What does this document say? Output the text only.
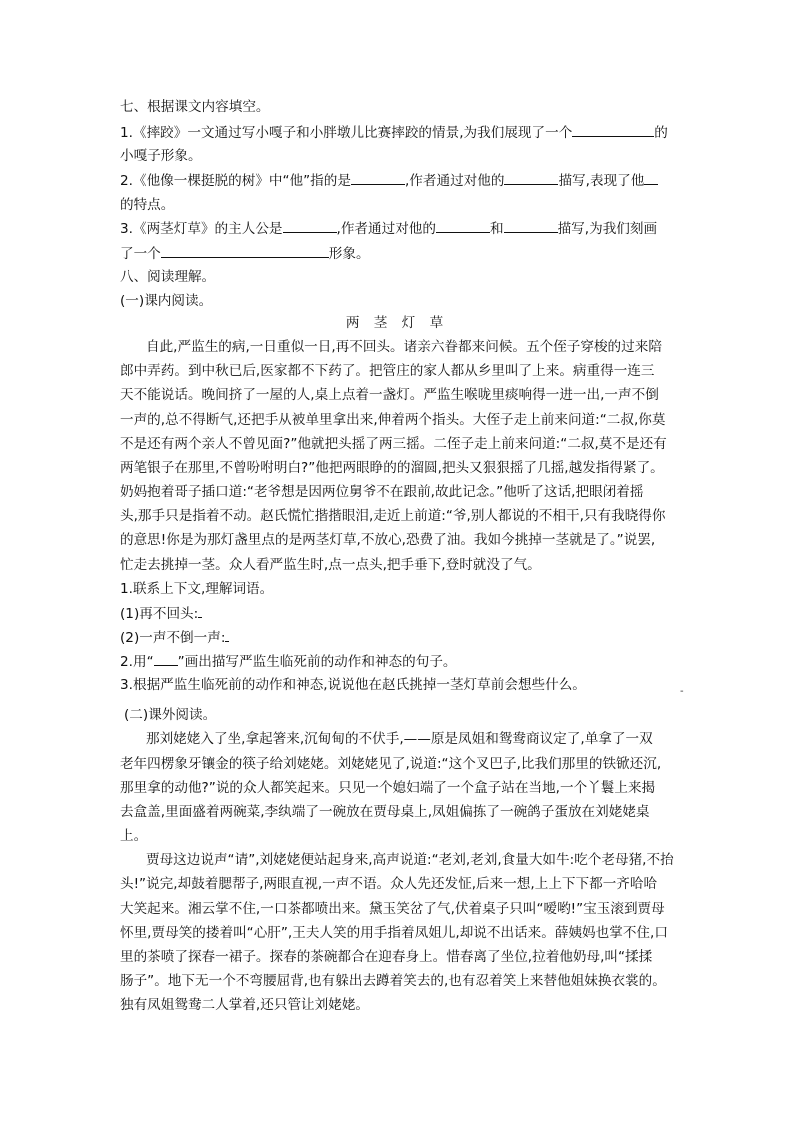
七、根据课文内容填空。
1.《摔跤》一文通过写小嘎子和小胖墩儿比赛摔跤的情景,为我们展现了一个	的
小嘎子形象。
2.《他像一棵挺脱的树》中“他”指的是	,作者通过对他的	描写,表现了他
的特点。
3.《两茎灯草》的主人公是	,作者通过对他的	和	描写,为我们刻画
了一个	形象。
八、阅读理解。
(一)课内阅读。
两 茎 灯 草
自此,严监生的病,一日重似一日,再不回头。诸亲六眷都来问候。五个侄子穿梭的过来陪
郎中弄药。到中秋已后,医家都不下药了。把管庄的家人都从乡里叫了上来。病重得一连三
天不能说话。晚间挤了一屋的人,桌上点着一盏灯。严监生喉咙里痰响得一进一出,一声不倒
一声的,总不得断气,还把手从被单里拿出来,伸着两个指头。大侄子走上前来问道:“二叔,你莫
不是还有两个亲人不曾见面?”他就把头摇了两三摇。二侄子走上前来问道:“二叔,莫不是还有
两笔银子在那里,不曾吩咐明白?”他把两眼睁的的溜圆,把头又狠狠摇了几摇,越发指得紧了。
奶妈抱着哥子插口道:“老爷想是因两位舅爷不在跟前,故此记念。”他听了这话,把眼闭着摇
头,那手只是指着不动。赵氏慌忙揩揩眼泪,走近上前道:“爷,别人都说的不相干,只有我晓得你
的意思!你是为那灯盏里点的是两茎灯草,不放心,恐费了油。我如今挑掉一茎就是了。”说罢,
忙走去挑掉一茎。众人看严监生时,点一点头,把手垂下,登时就没了气。
1.联系上下文,理解词语。
(1)再不回头:
(2)一声不倒一声:
2.用“ ”画出描写严监生临死前的动作和神态的句子。
3.根据严监生临死前的动作和神态,说说他在赵氏挑掉一茎灯草前会想些什么。	-
(二)课外阅读。
那刘姥姥入了坐,拿起箸来,沉甸甸的不伏手,——原是凤姐和鸳鸯商议定了,单拿了一双
老年四楞象牙镶金的筷子给刘姥姥。刘姥姥见了,说道:“这个叉巴子,比我们那里的铁锨还沉,
那里拿的动他?”说的众人都笑起来。只见一个媳妇端了一个盒子站在当地,一个丫鬟上来揭
去盒盖,里面盛着两碗菜,李纨端了一碗放在贾母桌上,凤姐偏拣了一碗鸽子蛋放在刘姥姥桌
上。
贾母这边说声“请”,刘姥姥便站起身来,高声说道:“老刘,老刘,食量大如牛:吃个老母猪,不抬
头!”说完,却鼓着腮帮子,两眼直视,一声不语。众人先还发怔,后来一想,上上下下都一齐哈哈
大笑起来。湘云掌不住,一口茶都喷出来。黛玉笑岔了气,伏着桌子只叫“嗳哟!”宝玉滚到贾母
怀里,贾母笑的搂着叫“心肝”,王夫人笑的用手指着凤姐儿,却说不出话来。薛姨妈也掌不住,口
里的茶喷了探春一裙子。探春的茶碗都合在迎春身上。惜春离了坐位,拉着他奶母,叫“揉揉
肠子”。地下无一个不弯腰屈背,也有躲出去蹲着笑去的,也有忍着笑上来替他姐妹换衣裳的。
独有凤姐鸳鸯二人掌着,还只管让刘姥姥。
